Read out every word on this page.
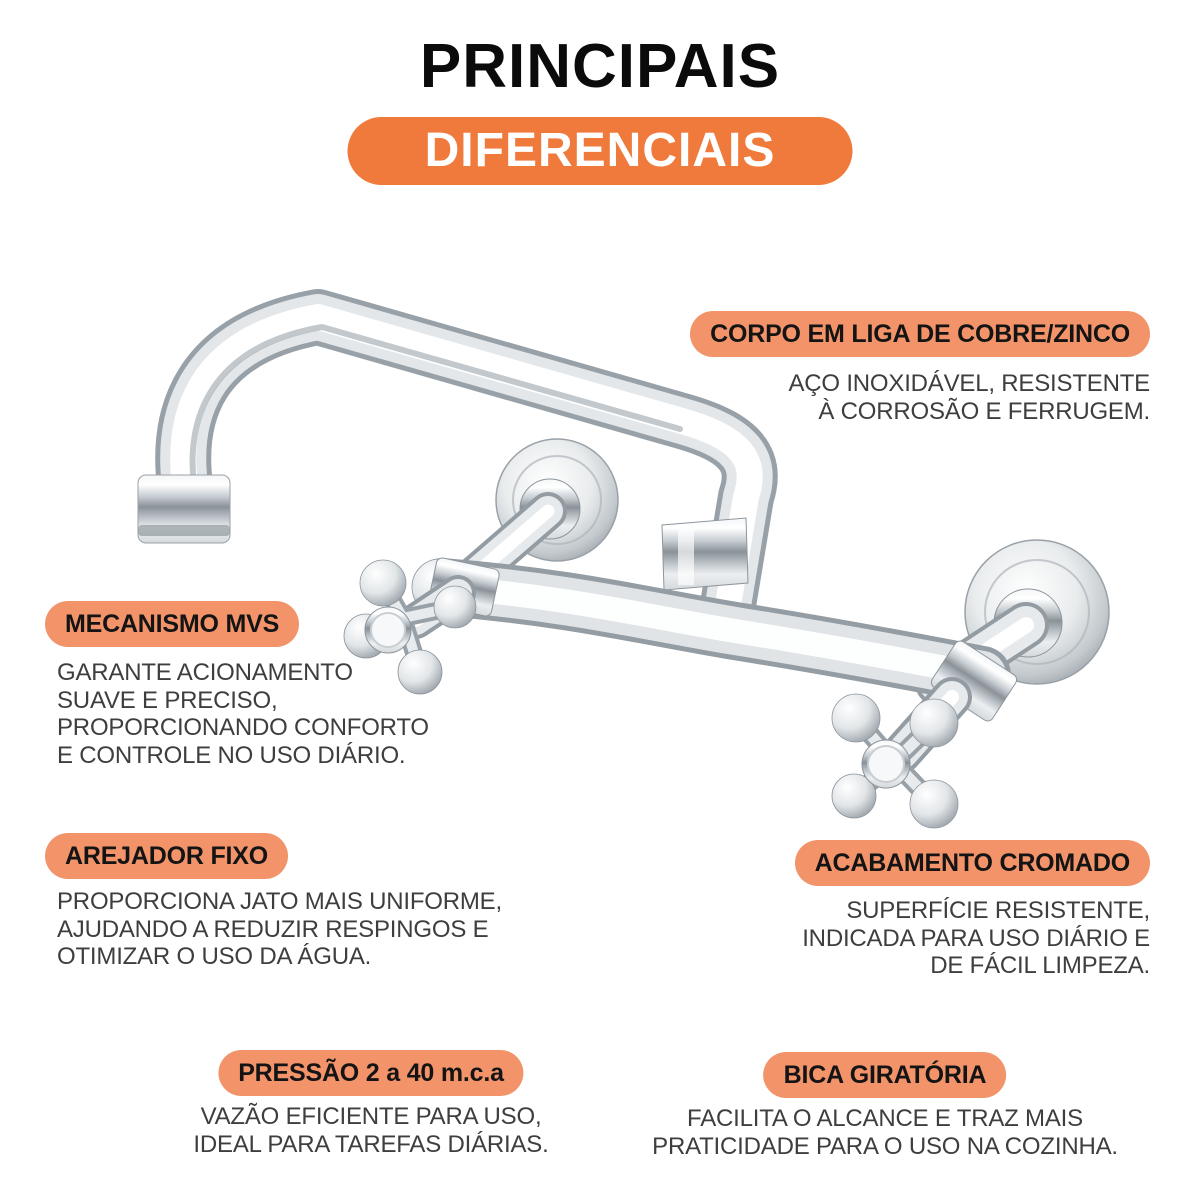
PRINCIPAIS
DIFERENCIAIS
CORPO EM LIGA DE COBRE/ZINCO
AÇO INOXIDÁVEL, RESISTENTE
À CORROSÃO E FERRUGEM.
MECANISMO MVS
GARANTE ACIONAMENTO
SUAVE E PRECISO,
PROPORCIONANDO CONFORTO
E CONTROLE NO USO DIÁRIO.
AREJADOR FIXO
PROPORCIONA JATO MAIS UNIFORME,
AJUDANDO A REDUZIR RESPINGOS E
OTIMIZAR O USO DA ÁGUA.
ACABAMENTO CROMADO
SUPERFÍCIE RESISTENTE,
INDICADA PARA USO DIÁRIO E
DE FÁCIL LIMPEZA.
PRESSÃO 2 a 40 m.c.a
VAZÃO EFICIENTE PARA USO,
IDEAL PARA TAREFAS DIÁRIAS.
BICA GIRATÓRIA
FACILITA O ALCANCE E TRAZ MAIS
PRATICIDADE PARA O USO NA COZINHA.
